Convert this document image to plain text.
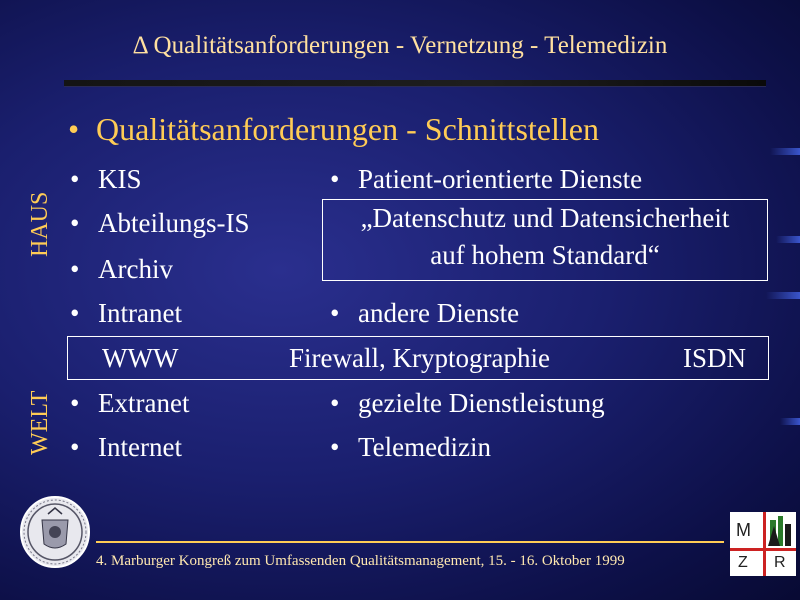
Δ Qualitätsanforderungen - Vernetzung - Telemedizin
• Qualitätsanforderungen - Schnittstellen
HAUS
WELT
• KIS
• Abteilungs-IS
• Archiv
• Intranet
• Extranet
• Internet
• Patient-orientierte Dienste
„Datenschutz und Datensicherheit
auf hohem Standard“
• andere Dienste
WWW	Firewall, Kryptographie	ISDN
• gezielte Dienstleistung
• Telemedizin
4. Marburger Kongreß zum Umfassenden Qualitätsmanagement, 15. - 16. Oktober 1999
M
Z R
